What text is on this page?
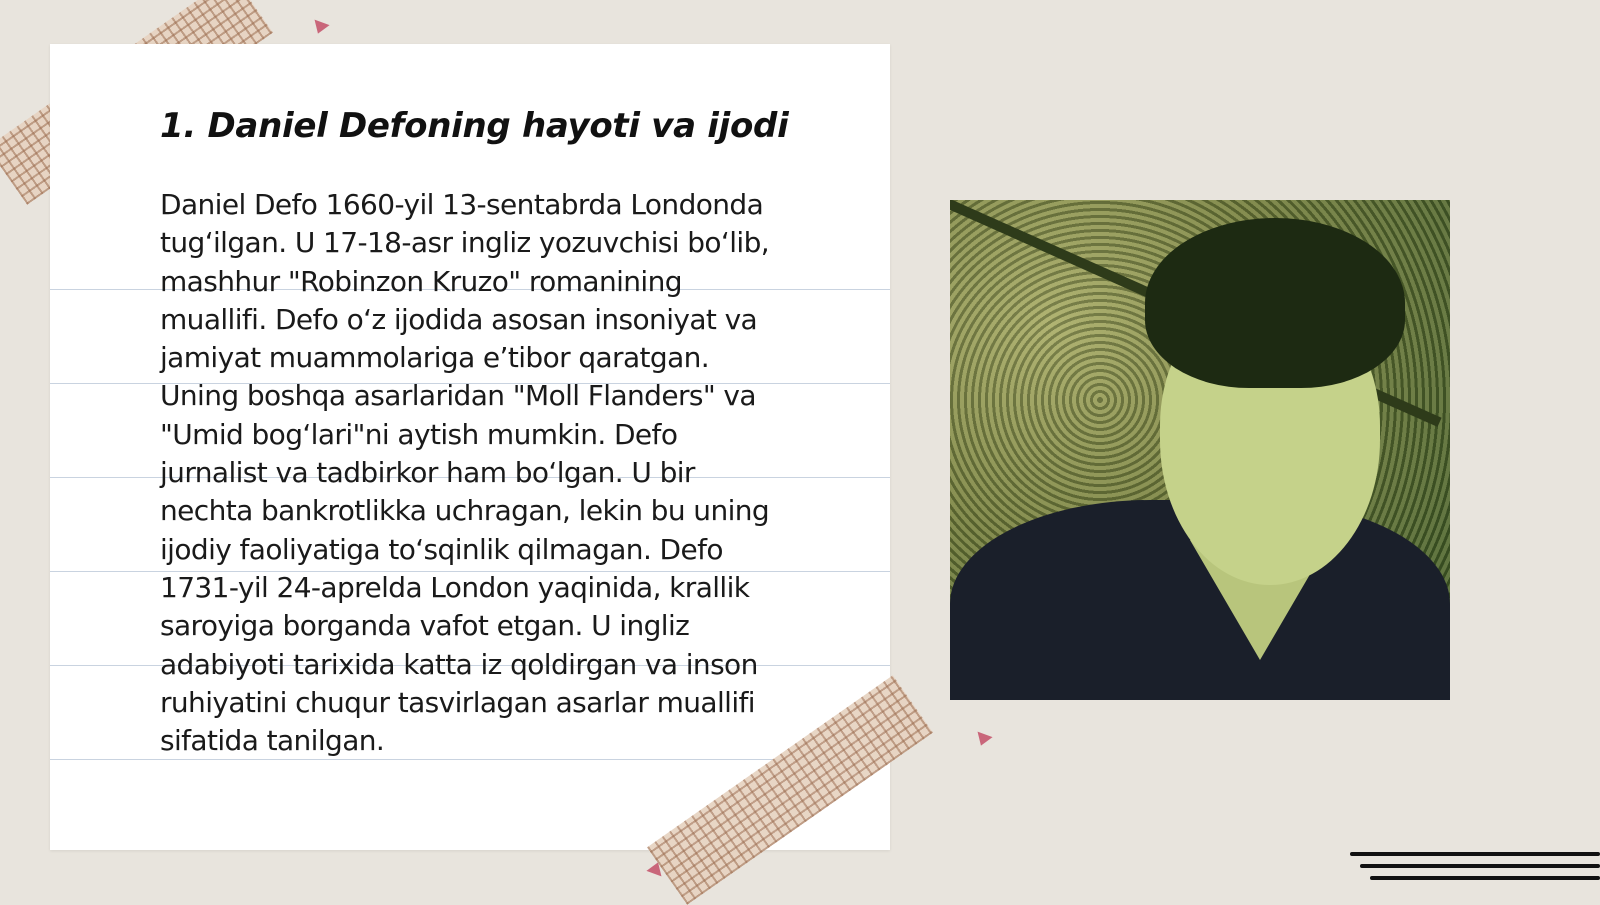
1. Daniel Defoning hayoti va ijodi
Daniel Defo 1660-yil 13-sentabrda Londonda
tug‘ilgan. U 17-18-asr ingliz yozuvchisi bo‘lib,
mashhur "Robinzon Kruzo" romanining
muallifi. Defo o‘z ijodida asosan insoniyat va
jamiyat muammolariga e’tibor qaratgan.
Uning boshqa asarlaridan "Moll Flanders" va
"Umid bog‘lari"ni aytish mumkin. Defo
jurnalist va tadbirkor ham bo‘lgan. U bir
nechta bankrotlikka uchragan, lekin bu uning
ijodiy faoliyatiga to‘sqinlik qilmagan. Defo
1731-yil 24-aprelda London yaqinida, krallik
saroyiga borganda vafot etgan. U ingliz
adabiyoti tarixida katta iz qoldirgan va inson
ruhiyatini chuqur tasvirlagan asarlar muallifi
sifatida tanilgan.
